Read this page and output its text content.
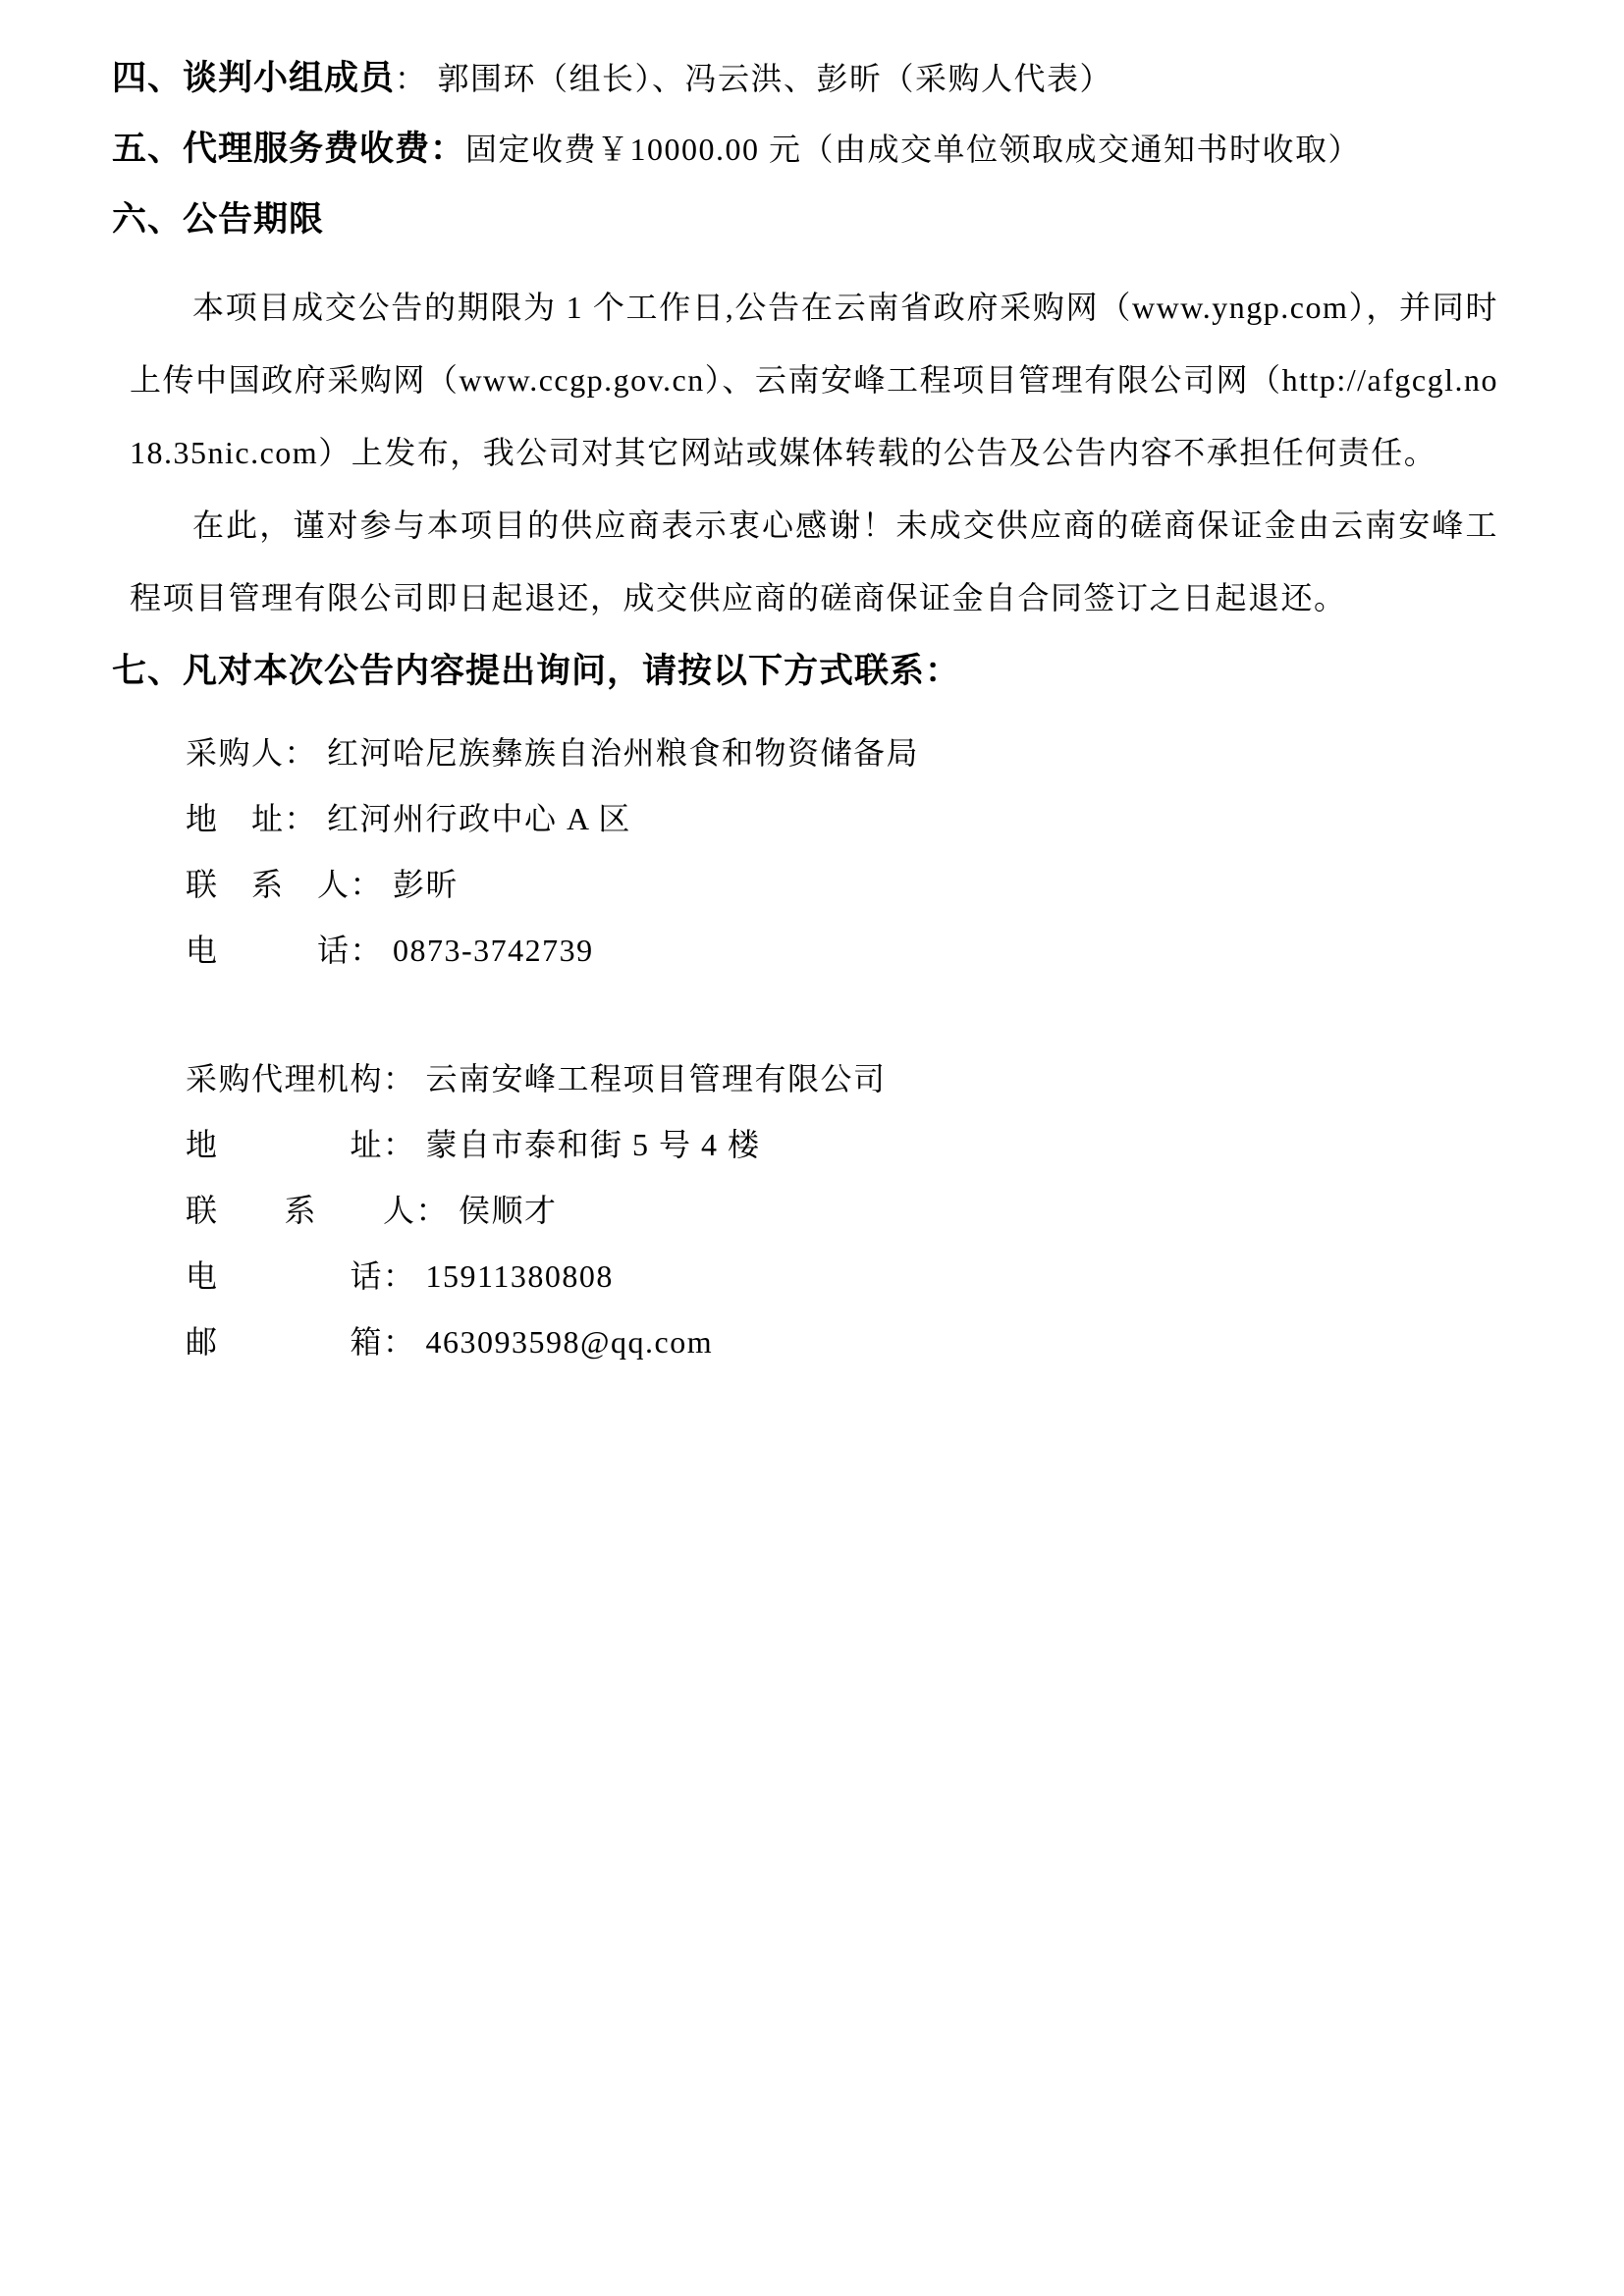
四、谈判小组成员： 郭围环（组长）、冯云洪、彭昕（采购人代表）

五、代理服务费收费：固定收费￥10000.00 元（由成交单位领取成交通知书时收取）

六、公告期限

本项目成交公告的期限为 1 个工作日,公告在云南省政府采购网（www.yngp.com），并同时上传中国政府采购网（www.ccgp.gov.cn）、云南安峰工程项目管理有限公司网（http://afgcgl.no18.35nic.com）上发布，我公司对其它网站或媒体转载的公告及公告内容不承担任何责任。

在此，谨对参与本项目的供应商表示衷心感谢！未成交供应商的磋商保证金由云南安峰工程项目管理有限公司即日起退还，成交供应商的磋商保证金自合同签订之日起退还。

七、凡对本次公告内容提出询问，请按以下方式联系：

采购人： 红河哈尼族彝族自治州粮食和物资储备局

地　址： 红河州行政中心 A 区

联　系　人： 彭昕

电　　　话： 0873-3742739

采购代理机构： 云南安峰工程项目管理有限公司

地　　　　址： 蒙自市泰和街 5 号 4 楼

联　　系　　人： 侯顺才

电　　　　话： 15911380808

邮　　　　箱： 463093598@qq.com
